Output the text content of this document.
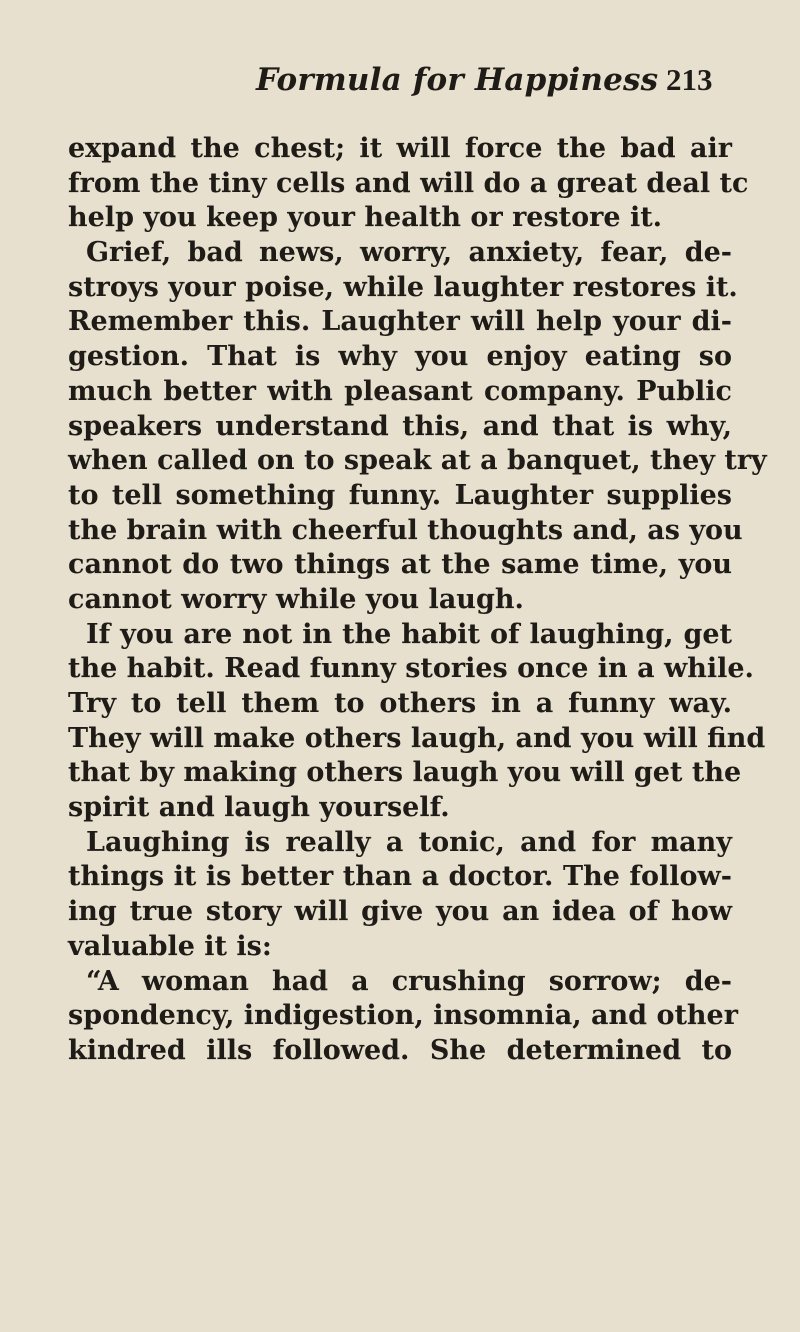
Formula for Happiness 213
expand the chest; it will force the bad air
from the tiny cells and will do a great deal tc
help you keep your health or restore it.
Grief, bad news, worry, anxiety, fear, de-
stroys your poise, while laughter restores it.
Remember this. Laughter will help your di-
gestion. That is why you enjoy eating so
much better with pleasant company. Public
speakers understand this, and that is why,
when called on to speak at a banquet, they try
to tell something funny. Laughter supplies
the brain with cheerful thoughts and, as you
cannot do two things at the same time, you
cannot worry while you laugh.
If you are not in the habit of laughing, get
the habit. Read funny stories once in a while.
Try to tell them to others in a funny way.
They will make others laugh, and you will find
that by making others laugh you will get the
spirit and laugh yourself.
Laughing is really a tonic, and for many
things it is better than a doctor. The follow-
ing true story will give you an idea of how
valuable it is:
“A woman had a crushing sorrow; de-
spondency, indigestion, insomnia, and other
kindred ills followed. She determined to
